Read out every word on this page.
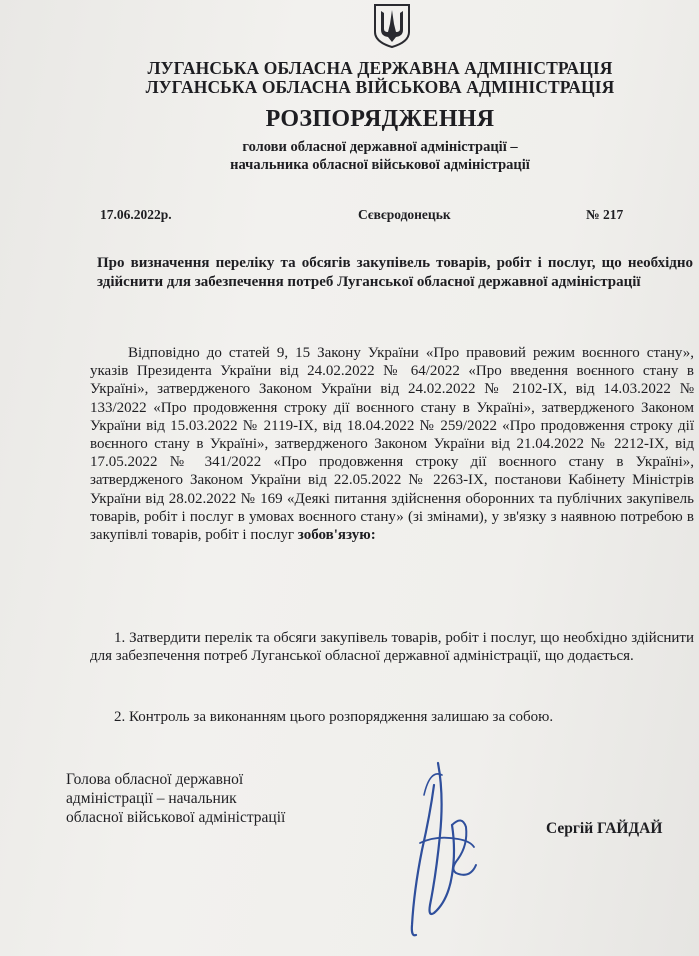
ЛУГАНСЬКА ОБЛАСНА ДЕРЖАВНА АДМІНІСТРАЦІЯ
ЛУГАНСЬКА ОБЛАСНА ВІЙСЬКОВА АДМІНІСТРАЦІЯ
РОЗПОРЯДЖЕННЯ
голови обласної державної адміністрації –
начальника обласної військової адміністрації
17.06.2022р.	Сєвєродонецьк	№ 217
Про визначення переліку та обсягів закупівель товарів, робіт і послуг, що необхідно здійснити для забезпечення потреб Луганської обласної державної адміністрації
Відповідно до статей 9, 15 Закону України «Про правовий режим воєнного стану», указів Президента України від 24.02.2022 № 64/2022 «Про введення воєнного стану в Україні», затвердженого Законом України від 24.02.2022 № 2102-IX, від 14.03.2022 № 133/2022 «Про продовження строку дії воєнного стану в Україні», затвердженого Законом України від 15.03.2022 № 2119-IX, від 18.04.2022 № 259/2022 «Про продовження строку дії воєнного стану в Україні», затвердженого Законом України від 21.04.2022 № 2212-IX, від 17.05.2022 № 341/2022 «Про продовження строку дії воєнного стану в Україні», затвердженого Законом України від 22.05.2022 № 2263-IX, постанови Кабінету Міністрів України від 28.02.2022 № 169 «Деякі питання здійснення оборонних та публічних закупівель товарів, робіт і послуг в умовах воєнного стану» (зі змінами), у зв'язку з наявною потребою в закупівлі товарів, робіт і послуг зобов'язую:
1. Затвердити перелік та обсяги закупівель товарів, робіт і послуг, що необхідно здійснити для забезпечення потреб Луганської обласної державної адміністрації, що додається.
2. Контроль за виконанням цього розпорядження залишаю за собою.
Голова обласної державної
адміністрації – начальник
обласної військової адміністрації
Сергій ГАЙДАЙ
